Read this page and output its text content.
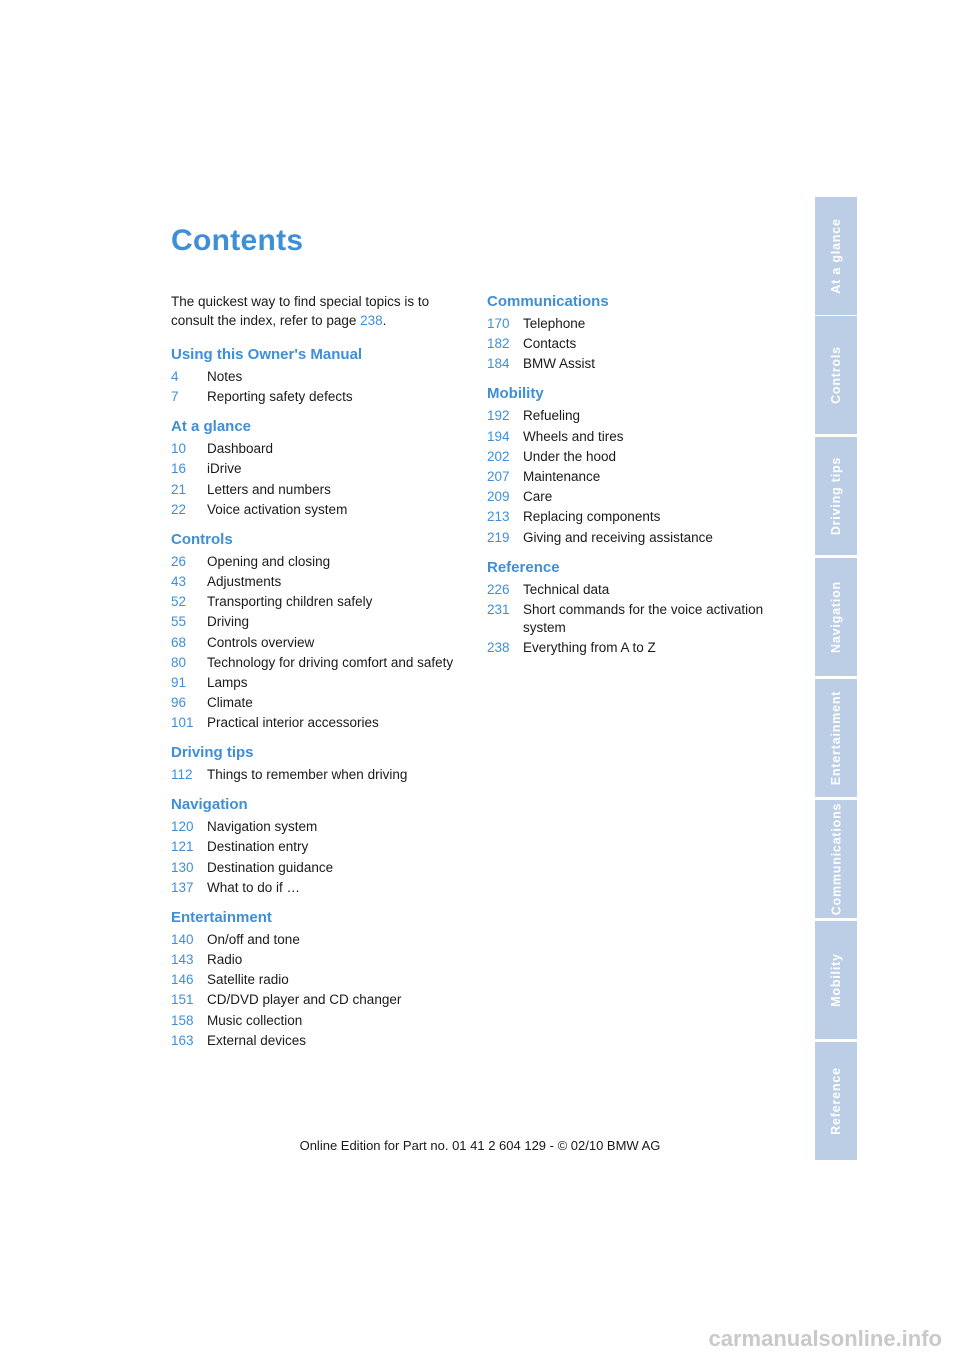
Contents
The quickest way to find special topics is to consult the index, refer to page 238.
Using this Owner's Manual
4	Notes
7	Reporting safety defects
At a glance
10	Dashboard
16	iDrive
21	Letters and numbers
22	Voice activation system
Controls
26	Opening and closing
43	Adjustments
52	Transporting children safely
55	Driving
68	Controls overview
80	Technology for driving comfort and safety
91	Lamps
96	Climate
101 Practical interior accessories
Driving tips
112	Things to remember when driving
Navigation
120 Navigation system
121 Destination entry
130 Destination guidance
137 What to do if …
Entertainment
140 On/off and tone
143 Radio
146 Satellite radio
151 CD/DVD player and CD changer
158 Music collection
163 External devices
Communications
170 Telephone
182 Contacts
184 BMW Assist
Mobility
192 Refueling
194 Wheels and tires
202 Under the hood
207 Maintenance
209 Care
213 Replacing components
219 Giving and receiving assistance
Reference
226 Technical data
231 Short commands for the voice activation system
238 Everything from A to Z
At a glance
Controls
Driving tips
Navigation
Entertainment
Communications
Mobility
Reference
Online Edition for Part no. 01 41 2 604 129 - © 02/10 BMW AG
carmanualsonline.info
